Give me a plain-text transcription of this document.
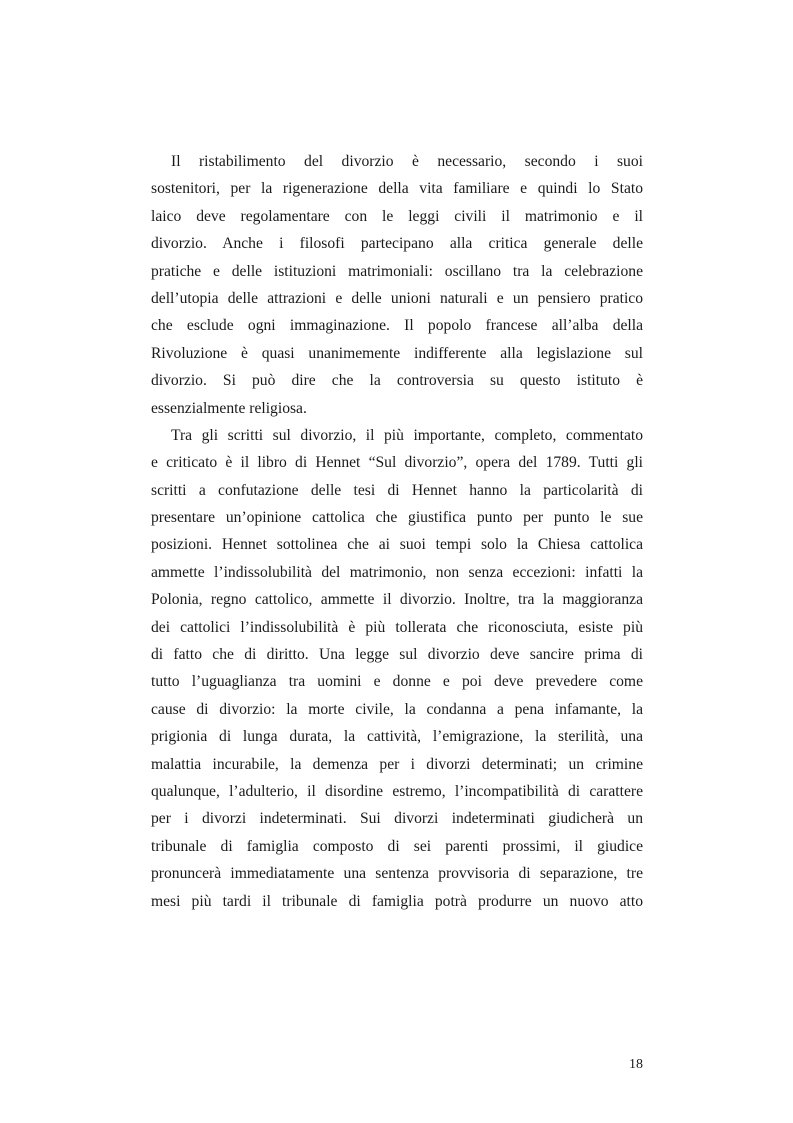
Il ristabilimento del divorzio è necessario, secondo i suoi
sostenitori, per la rigenerazione della vita familiare e quindi lo Stato
laico deve regolamentare con le leggi civili il matrimonio e il
divorzio. Anche i filosofi partecipano alla critica generale delle
pratiche e delle istituzioni matrimoniali: oscillano tra la celebrazione
dell’utopia delle attrazioni e delle unioni naturali e un pensiero pratico
che esclude ogni immaginazione. Il popolo francese all’alba della
Rivoluzione è quasi unanimemente indifferente alla legislazione sul
divorzio. Si può dire che la controversia su questo istituto è
essenzialmente religiosa.
Tra gli scritti sul divorzio, il più importante, completo, commentato
e criticato è il libro di Hennet “Sul divorzio”, opera del 1789. Tutti gli
scritti a confutazione delle tesi di Hennet hanno la particolarità di
presentare un’opinione cattolica che giustifica punto per punto le sue
posizioni. Hennet sottolinea che ai suoi tempi solo la Chiesa cattolica
ammette l’indissolubilità del matrimonio, non senza eccezioni: infatti la
Polonia, regno cattolico, ammette il divorzio. Inoltre, tra la maggioranza
dei cattolici l’indissolubilità è più tollerata che riconosciuta, esiste più
di fatto che di diritto. Una legge sul divorzio deve sancire prima di
tutto l’uguaglianza tra uomini e donne e poi deve prevedere come
cause di divorzio: la morte civile, la condanna a pena infamante, la
prigionia di lunga durata, la cattività, l’emigrazione, la sterilità, una
malattia incurabile, la demenza per i divorzi determinati; un crimine
qualunque, l’adulterio, il disordine estremo, l’incompatibilità di carattere
per i divorzi indeterminati. Sui divorzi indeterminati giudicherà un
tribunale di famiglia composto di sei parenti prossimi, il giudice
pronuncerà immediatamente una sentenza provvisoria di separazione, tre
mesi più tardi il tribunale di famiglia potrà produrre un nuovo atto
18
